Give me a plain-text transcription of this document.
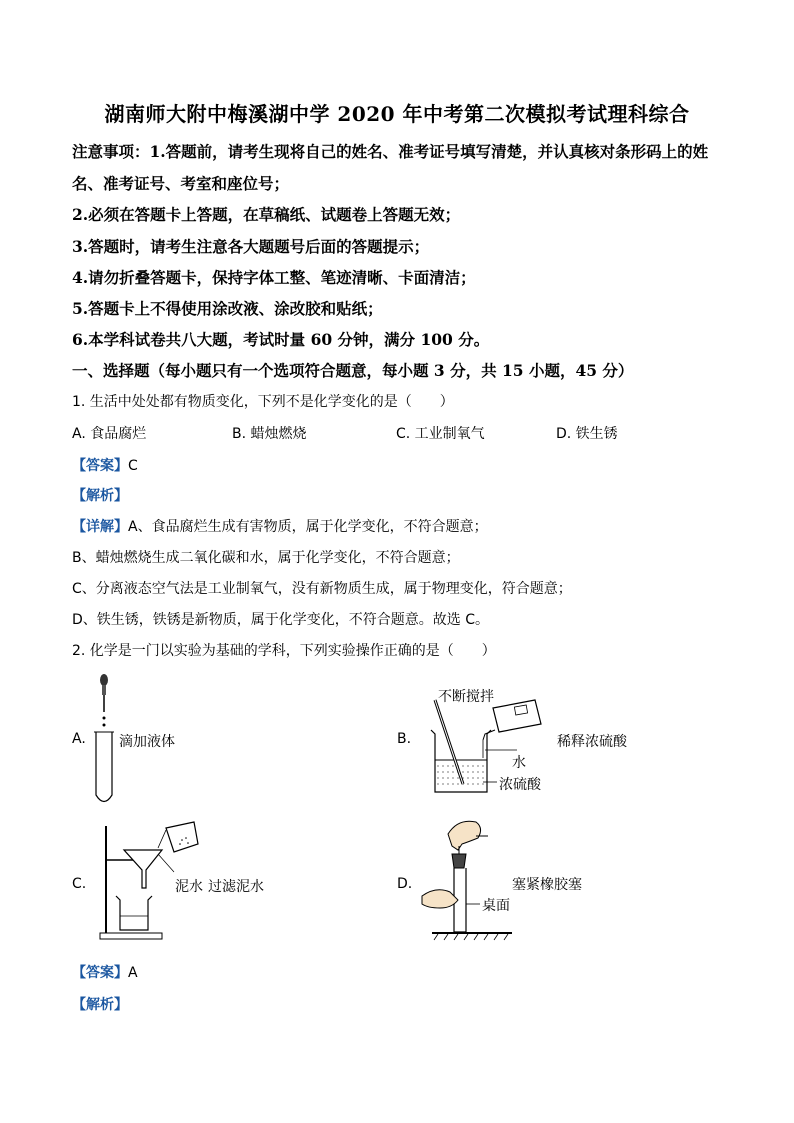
湖南师大附中梅溪湖中学 2020 年中考第二次模拟考试理科综合
注意事项：1.答题前，请考生现将自己的姓名、准考证号填写清楚，并认真核对条形码上的姓
名、准考证号、考室和座位号；
2.必须在答题卡上答题，在草稿纸、试题卷上答题无效；
3.答题时，请考生注意各大题题号后面的答题提示；
4.请勿折叠答题卡，保持字体工整、笔迹清晰、卡面清洁；
5.答题卡上不得使用涂改液、涂改胶和贴纸；
6.本学科试卷共八大题，考试时量 60 分钟，满分 100 分。
一、选择题（每小题只有一个选项符合题意，每小题 3 分，共 15 小题，45 分）
1. 生活中处处都有物质变化，下列不是化学变化的是（　　）
A. 食品腐烂	B. 蜡烛燃烧	C. 工业制氧气	D. 铁生锈
【答案】C
【解析】
【详解】A、食品腐烂生成有害物质，属于化学变化，不符合题意；
B、蜡烛燃烧生成二氧化碳和水，属于化学变化，不符合题意；
C、分离液态空气法是工业制氧气，没有新物质生成，属于物理变化，符合题意；
D、铁生锈，铁锈是新物质，属于化学变化，不符合题意。故选 C。
2. 化学是一门以实验为基础的学科，下列实验操作正确的是（　　）
A. 滴加液体	B.
不断搅拌
稀释浓硫酸
水
浓硫酸
C.	泥水 过滤泥水	D.	塞紧橡胶塞
桌面
【答案】A
【解析】
